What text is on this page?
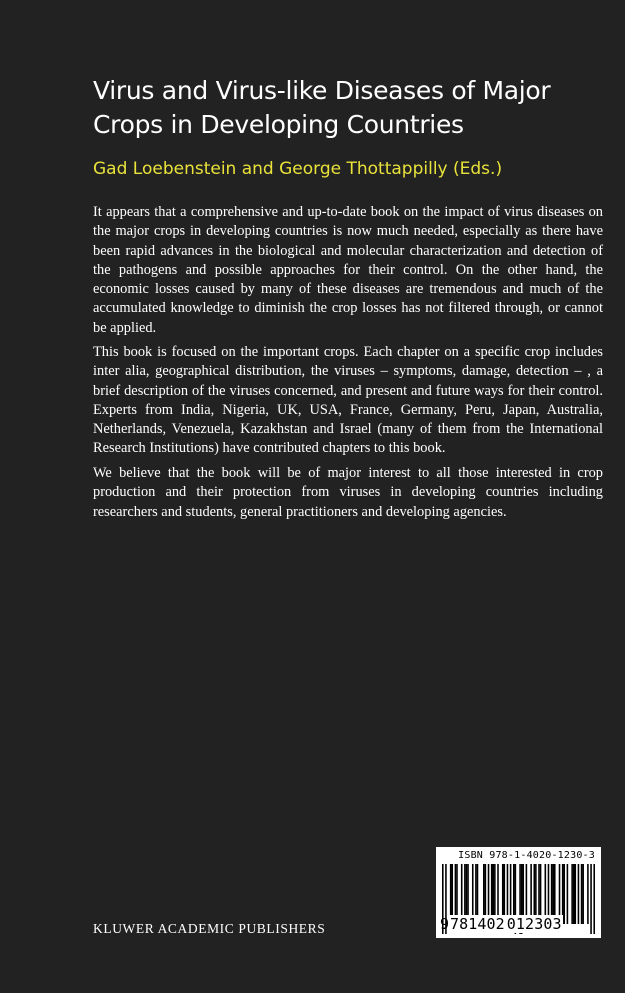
Virus and Virus-like Diseases of Major
Crops in Developing Countries

Gad Loebenstein and George Thottappilly (Eds.)

It appears that a comprehensive and up-to-date book on the impact of virus diseases on the major crops in developing countries is now much needed, especially as there have been rapid advances in the biological and molecular characterization and detection of the pathogens and possible approaches for their control. On the other hand, the economic losses caused by many of these diseases are tremendous and much of the accumulated knowledge to diminish the crop losses has not filtered through, or cannot be applied.

This book is focused on the important crops. Each chapter on a specific crop includes inter alia, geographical distribution, the viruses – symptoms, damage, detection – , a brief description of the viruses concerned, and present and future ways for their control. Experts from India, Nigeria, UK, USA, France, Germany, Peru, Japan, Australia, Netherlands, Venezuela, Kazakhstan and Israel (many of them from the International Research Institutions) have contributed chapters to this book.

We believe that the book will be of major interest to all those interested in crop production and their protection from viruses in developing countries including researchers and students, general practitioners and developing agencies.

KLUWER ACADEMIC PUBLISHERS

ISBN 978-1-4020-1230-3

9781402 012303
